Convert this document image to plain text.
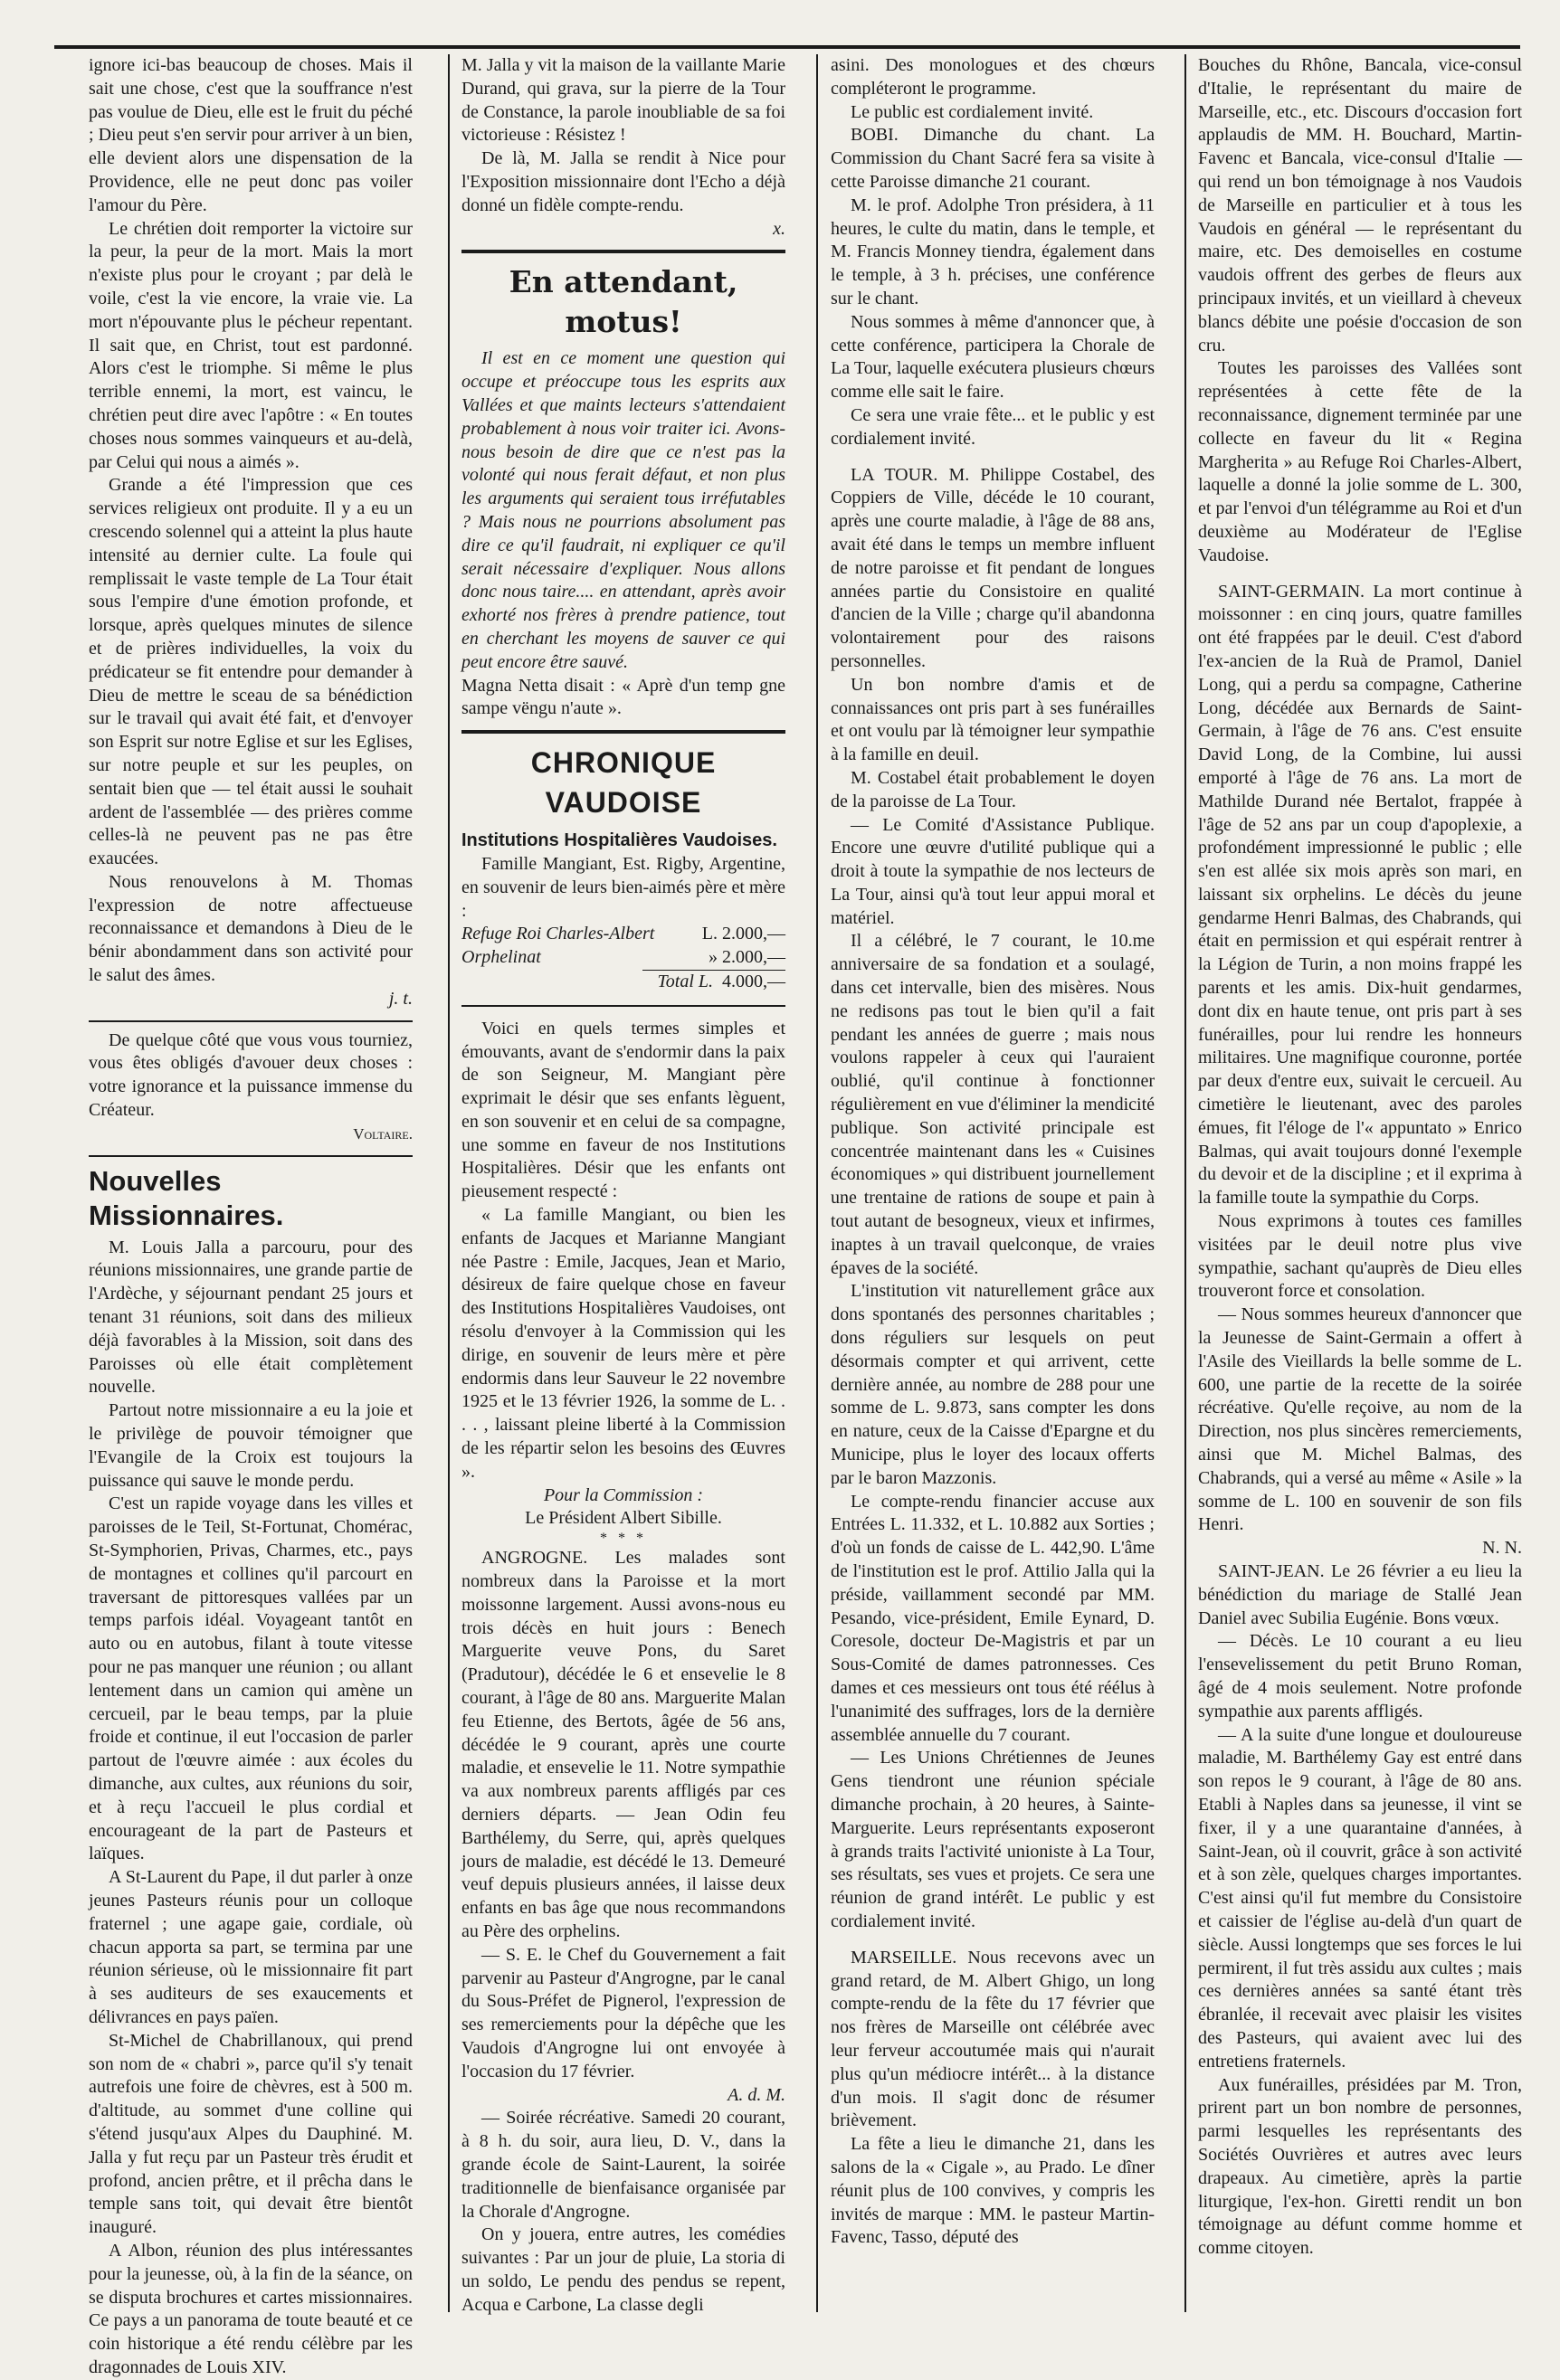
ignore ici-bas beaucoup de choses. Mais il sait une chose, c'est que la souffrance n'est pas voulue de Dieu, elle est le fruit du péché ; Dieu peut s'en servir pour arriver à un bien, elle devient alors une dispensation de la Providence, elle ne peut donc pas voiler l'amour du Père.

Le chrétien doit remporter la victoire sur la peur, la peur de la mort. Mais la mort n'existe plus pour le croyant ; par delà le voile, c'est la vie encore, la vraie vie. La mort n'épouvante plus le pécheur repentant. Il sait que, en Christ, tout est pardonné. Alors c'est le triomphe. Si même le plus terrible ennemi, la mort, est vaincu, le chrétien peut dire avec l'apôtre : « En toutes choses nous sommes vainqueurs et au-delà, par Celui qui nous a aimés ».

Grande a été l'impression que ces services religieux ont produite. Il y a eu un crescendo solennel qui a atteint la plus haute intensité au dernier culte. La foule qui remplissait le vaste temple de La Tour était sous l'empire d'une émotion profonde, et lorsque, après quelques minutes de silence et de prières individuelles, la voix du prédicateur se fit entendre pour demander à Dieu de mettre le sceau de sa bénédiction sur le travail qui avait été fait, et d'envoyer son Esprit sur notre Eglise et sur les Eglises, sur notre peuple et sur les peuples, on sentait bien que — tel était aussi le souhait ardent de l'assemblée — des prières comme celles-là ne peuvent pas ne pas être exaucées.

Nous renouvelons à M. Thomas l'expression de notre affectueuse reconnaissance et demandons à Dieu de le bénir abondamment dans son activité pour le salut des âmes.

j. t.

De quelque côté que vous vous tourniez, vous êtes obligés d'avouer deux choses : votre ignorance et la puissance immense du Créateur.

Voltaire.
Nouvelles Missionnaires.

M. Louis Jalla a parcouru, pour des réunions missionnaires, une grande partie de l'Ardèche, y séjournant pendant 25 jours et tenant 31 réunions, soit dans des milieux déjà favorables à la Mission, soit dans des Paroisses où elle était complètement nouvelle.

Partout notre missionnaire a eu la joie et le privilège de pouvoir témoigner que l'Evangile de la Croix est toujours la puissance qui sauve le monde perdu.

C'est un rapide voyage dans les villes et paroisses de le Teil, St-Fortunat, Chomérac, St-Symphorien, Privas, Charmes, etc., pays de montagnes et collines qu'il parcourt en traversant de pittoresques vallées par un temps parfois idéal. Voyageant tantôt en auto ou en autobus, filant à toute vitesse pour ne pas manquer une réunion ; ou allant lentement dans un camion qui amène un cercueil, par le beau temps, par la pluie froide et continue, il eut l'occasion de parler partout de l'œuvre aimée : aux écoles du dimanche, aux cultes, aux réunions du soir, et à reçu l'accueil le plus cordial et encourageant de la part de Pasteurs et laïques.

A St-Laurent du Pape, il dut parler à onze jeunes Pasteurs réunis pour un colloque fraternel ; une agape gaie, cordiale, où chacun apporta sa part, se termina par une réunion sérieuse, où le missionnaire fit part à ses auditeurs de ses exaucements et délivrances en pays païen.

St-Michel de Chabrillanoux, qui prend son nom de « chabri », parce qu'il s'y tenait autrefois une foire de chèvres, est à 500 m. d'altitude, au sommet d'une colline qui s'étend jusqu'aux Alpes du Dauphiné. M. Jalla y fut reçu par un Pasteur très érudit et profond, ancien prêtre, et il prêcha dans le temple sans toit, qui devait être bientôt inauguré.

A Albon, réunion des plus intéressantes pour la jeunesse, où, à la fin de la séance, on se disputa brochures et cartes missionnaires. Ce pays a un panorama de toute beauté et ce coin historique a été rendu célèbre par les dragonnades de Louis XIV.

M. Jalla y vit la maison de la vaillante Marie Durand, qui grava, sur la pierre de la Tour de Constance, la parole inoubliable de sa foi victorieuse : Résistez !

De là, M. Jalla se rendit à Nice pour l'Exposition missionnaire dont l'Echo a déjà donné un fidèle compte-rendu.

x.
En attendant, motus!

Il est en ce moment une question qui occupe et préoccupe tous les esprits aux Vallées et que maints lecteurs s'attendaient probablement à nous voir traiter ici. Avons-nous besoin de dire que ce n'est pas la volonté qui nous ferait défaut, et non plus les arguments qui seraient tous irréfutables ? Mais nous ne pourrions absolument pas dire ce qu'il faudrait, ni expliquer ce qu'il serait nécessaire d'expliquer. Nous allons donc nous taire.... en attendant, après avoir exhorté nos frères à prendre patience, tout en cherchant les moyens de sauver ce qui peut encore être sauvé.

Magna Netta disait : « Aprè d'un temp gne sampe vëngu n'aute ».

CHRONIQUE VAUDOISE

Institutions Hospitalières Vaudoises.

Famille Mangiant, Est. Rigby, Argentine, en souvenir de leurs bien-aimés père et mère :

Refuge Roi Charles-Albert	L. 2.000,—
Orphelinat	» 2.000,—
Total L. 4.000,—

Voici en quels termes simples et émouvants, avant de s'endormir dans la paix de son Seigneur, M. Mangiant père exprimait le désir que ses enfants lèguent, en son souvenir et en celui de sa compagne, une somme en faveur de nos Institutions Hospitalières. Désir que les enfants ont pieusement respecté :

« La famille Mangiant, ou bien les enfants de Jacques et Marianne Mangiant née Pastre : Emile, Jacques, Jean et Mario, désireux de faire quelque chose en faveur des Institutions Hospitalières Vaudoises, ont résolu d'envoyer à la Commission qui les dirige, en souvenir de leurs mère et père endormis dans leur Sauveur le 22 novembre 1925 et le 13 février 1926, la somme de L. . . . , laissant pleine liberté à la Commission de les répartir selon les besoins des Œuvres ».

Pour la Commission :

Le Président Albert Sibille.

* * *

ANGROGNE. Les malades sont nombreux dans la Paroisse et la mort moissonne largement. Aussi avons-nous eu trois décès en huit jours : Benech Marguerite veuve Pons, du Saret (Pradutour), décédée le 6 et ensevelie le 8 courant, à l'âge de 80 ans. Marguerite Malan feu Etienne, des Bertots, âgée de 56 ans, décédée le 9 courant, après une courte maladie, et ensevelie le 11. Notre sympathie va aux nombreux parents affligés par ces derniers départs. — Jean Odin feu Barthélemy, du Serre, qui, après quelques jours de maladie, est décédé le 13. Demeuré veuf depuis plusieurs années, il laisse deux enfants en bas âge que nous recommandons au Père des orphelins.

— S. E. le Chef du Gouvernement a fait parvenir au Pasteur d'Angrogne, par le canal du Sous-Préfet de Pignerol, l'expression de ses remerciements pour la dépêche que les Vaudois d'Angrogne lui ont envoyée à l'occasion du 17 février.

A. d. M.

— Soirée récréative. Samedi 20 courant, à 8 h. du soir, aura lieu, D. V., dans la grande école de Saint-Laurent, la soirée traditionnelle de bienfaisance organisée par la Chorale d'Angrogne.

On y jouera, entre autres, les comédies suivantes : Par un jour de pluie, La storia di un soldo, Le pendu des pendus se repent, Acqua e Carbone, La classe degli

asini. Des monologues et des chœurs compléteront le programme.

Le public est cordialement invité.

BOBI. Dimanche du chant. La Commission du Chant Sacré fera sa visite à cette Paroisse dimanche 21 courant.

M. le prof. Adolphe Tron présidera, à 11 heures, le culte du matin, dans le temple, et M. Francis Monney tiendra, également dans le temple, à 3 h. précises, une conférence sur le chant.

Nous sommes à même d'annoncer que, à cette conférence, participera la Chorale de La Tour, laquelle exécutera plusieurs chœurs comme elle sait le faire.

Ce sera une vraie fête... et le public y est cordialement invité.

LA TOUR. M. Philippe Costabel, des Coppiers de Ville, décéde le 10 courant, après une courte maladie, à l'âge de 88 ans, avait été dans le temps un membre influent de notre paroisse et fit pendant de longues années partie du Consistoire en qualité d'ancien de la Ville ; charge qu'il abandonna volontairement pour des raisons personnelles.

Un bon nombre d'amis et de connaissances ont pris part à ses funérailles et ont voulu par là témoigner leur sympathie à la famille en deuil.

M. Costabel était probablement le doyen de la paroisse de La Tour.

— Le Comité d'Assistance Publique. Encore une œuvre d'utilité publique qui a droit à toute la sympathie de nos lecteurs de La Tour, ainsi qu'à tout leur appui moral et matériel.

Il a célébré, le 7 courant, le 10.me anniversaire de sa fondation et a soulagé, dans cet intervalle, bien des misères. Nous ne redisons pas tout le bien qu'il a fait pendant les années de guerre ; mais nous voulons rappeler à ceux qui l'auraient oublié, qu'il continue à fonctionner régulièrement en vue d'éliminer la mendicité publique. Son activité principale est concentrée maintenant dans les « Cuisines économiques » qui distribuent journellement une trentaine de rations de soupe et pain à tout autant de besogneux, vieux et infirmes, inaptes à un travail quelconque, de vraies épaves de la société.

L'institution vit naturellement grâce aux dons spontanés des personnes charitables ; dons réguliers sur lesquels on peut désormais compter et qui arrivent, cette dernière année, au nombre de 288 pour une somme de L. 9.873, sans compter les dons en nature, ceux de la Caisse d'Epargne et du Municipe, plus le loyer des locaux offerts par le baron Mazzonis.

Le compte-rendu financier accuse aux Entrées L. 11.332, et L. 10.882 aux Sorties ; d'où un fonds de caisse de L. 442,90. L'âme de l'institution est le prof. Attilio Jalla qui la préside, vaillamment secondé par MM. Pesando, vice-président, Emile Eynard, D. Coresole, docteur De-Magistris et par un Sous-Comité de dames patronnesses. Ces dames et ces messieurs ont tous été réélus à l'unanimité des suffrages, lors de la dernière assemblée annuelle du 7 courant.

— Les Unions Chrétiennes de Jeunes Gens tiendront une réunion spéciale dimanche prochain, à 20 heures, à Sainte-Marguerite. Leurs représentants exposeront à grands traits l'activité unioniste à La Tour, ses résultats, ses vues et projets. Ce sera une réunion de grand intérêt. Le public y est cordialement invité.

MARSEILLE. Nous recevons avec un grand retard, de M. Albert Ghigo, un long compte-rendu de la fête du 17 février que nos frères de Marseille ont célébrée avec leur ferveur accoutumée mais qui n'aurait plus qu'un médiocre intérêt... à la distance d'un mois. Il s'agit donc de résumer brièvement.

La fête a lieu le dimanche 21, dans les salons de la « Cigale », au Prado. Le dîner réunit plus de 100 convives, y compris les invités de marque : MM. le pasteur Martin-Favenc, Tasso, député des

Bouches du Rhône, Bancala, vice-consul d'Italie, le représentant du maire de Marseille, etc., etc. Discours d'occasion fort applaudis de MM. H. Bouchard, Martin-Favenc et Bancala, vice-consul d'Italie — qui rend un bon témoignage à nos Vaudois de Marseille en particulier et à tous les Vaudois en général — le représentant du maire, etc. Des demoiselles en costume vaudois offrent des gerbes de fleurs aux principaux invités, et un vieillard à cheveux blancs débite une poésie d'occasion de son cru.

Toutes les paroisses des Vallées sont représentées à cette fête de la reconnaissance, dignement terminée par une collecte en faveur du lit « Regina Margherita » au Refuge Roi Charles-Albert, laquelle a donné la jolie somme de L. 300, et par l'envoi d'un télégramme au Roi et d'un deuxième au Modérateur de l'Eglise Vaudoise.

SAINT-GERMAIN. La mort continue à moissonner : en cinq jours, quatre familles ont été frappées par le deuil. C'est d'abord l'ex-ancien de la Ruà de Pramol, Daniel Long, qui a perdu sa compagne, Catherine Long, décédée aux Bernards de Saint-Germain, à l'âge de 76 ans. C'est ensuite David Long, de la Combine, lui aussi emporté à l'âge de 76 ans. La mort de Mathilde Durand née Bertalot, frappée à l'âge de 52 ans par un coup d'apoplexie, a profondément impressionné le public ; elle s'en est allée six mois après son mari, en laissant six orphelins. Le décès du jeune gendarme Henri Balmas, des Chabrands, qui était en permission et qui espérait rentrer à la Légion de Turin, a non moins frappé les parents et les amis. Dix-huit gendarmes, dont dix en haute tenue, ont pris part à ses funérailles, pour lui rendre les honneurs militaires. Une magnifique couronne, portée par deux d'entre eux, suivait le cercueil. Au cimetière le lieutenant, avec des paroles émues, fit l'éloge de l'« appuntato » Enrico Balmas, qui avait toujours donné l'exemple du devoir et de la discipline ; et il exprima à la famille toute la sympathie du Corps.

Nous exprimons à toutes ces familles visitées par le deuil notre plus vive sympathie, sachant qu'auprès de Dieu elles trouveront force et consolation.

— Nous sommes heureux d'annoncer que la Jeunesse de Saint-Germain a offert à l'Asile des Vieillards la belle somme de L. 600, une partie de la recette de la soirée récréative. Qu'elle reçoive, au nom de la Direction, nos plus sincères remerciements, ainsi que M. Michel Balmas, des Chabrands, qui a versé au même « Asile » la somme de L. 100 en souvenir de son fils Henri.

N. N.

SAINT-JEAN. Le 26 février a eu lieu la bénédiction du mariage de Stallé Jean Daniel avec Subilia Eugénie. Bons vœux.

— Décès. Le 10 courant a eu lieu l'ensevelissement du petit Bruno Roman, âgé de 4 mois seulement. Notre profonde sympathie aux parents affligés.

— A la suite d'une longue et douloureuse maladie, M. Barthélemy Gay est entré dans son repos le 9 courant, à l'âge de 80 ans. Etabli à Naples dans sa jeunesse, il vint se fixer, il y a une quarantaine d'années, à Saint-Jean, où il couvrit, grâce à son activité et à son zèle, quelques charges importantes. C'est ainsi qu'il fut membre du Consistoire et caissier de l'église au-delà d'un quart de siècle. Aussi longtemps que ses forces le lui permirent, il fut très assidu aux cultes ; mais ces dernières années sa santé étant très ébranlée, il recevait avec plaisir les visites des Pasteurs, qui avaient avec lui des entretiens fraternels.

Aux funérailles, présidées par M. Tron, prirent part un bon nombre de personnes, parmi lesquelles les représentants des Sociétés Ouvrières et autres avec leurs drapeaux. Au cimetière, après la partie liturgique, l'ex-hon. Giretti rendit un bon témoignage au défunt comme homme et comme citoyen.
